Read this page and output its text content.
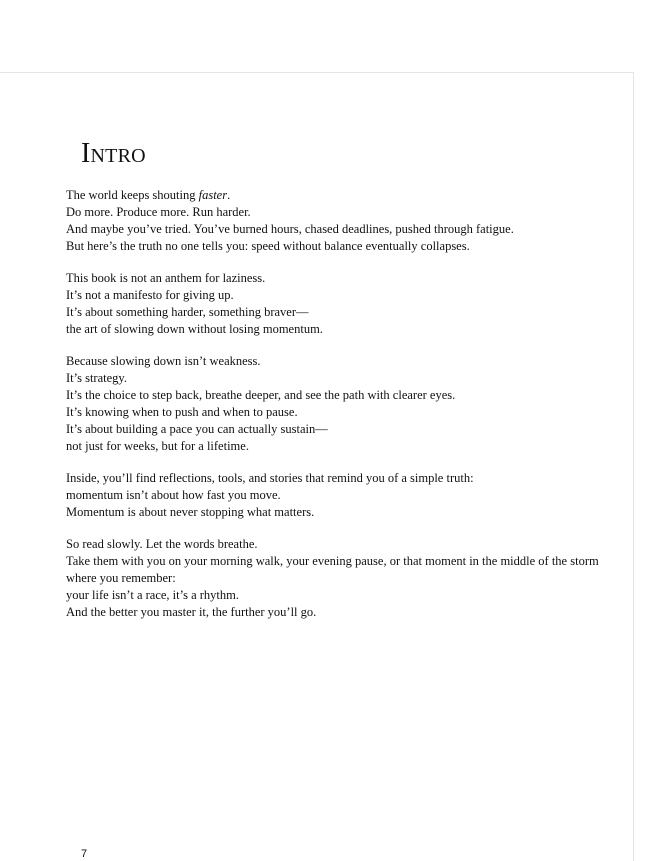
Intro

The world keeps shouting faster.
Do more. Produce more. Run harder.
And maybe you’ve tried. You’ve burned hours, chased deadlines, pushed through fatigue.
But here’s the truth no one tells you: speed without balance eventually collapses.

This book is not an anthem for laziness.
It’s not a manifesto for giving up.
It’s about something harder, something braver—
the art of slowing down without losing momentum.

Because slowing down isn’t weakness.
It’s strategy.
It’s the choice to step back, breathe deeper, and see the path with clearer eyes.
It’s knowing when to push and when to pause.
It’s about building a pace you can actually sustain—
not just for weeks, but for a lifetime.

Inside, you’ll find reflections, tools, and stories that remind you of a simple truth:
momentum isn’t about how fast you move.
Momentum is about never stopping what matters.

So read slowly. Let the words breathe.
Take them with you on your morning walk, your evening pause, or that moment in the middle of the storm where you remember:
your life isn’t a race, it’s a rhythm.
And the better you master it, the further you’ll go.

7
